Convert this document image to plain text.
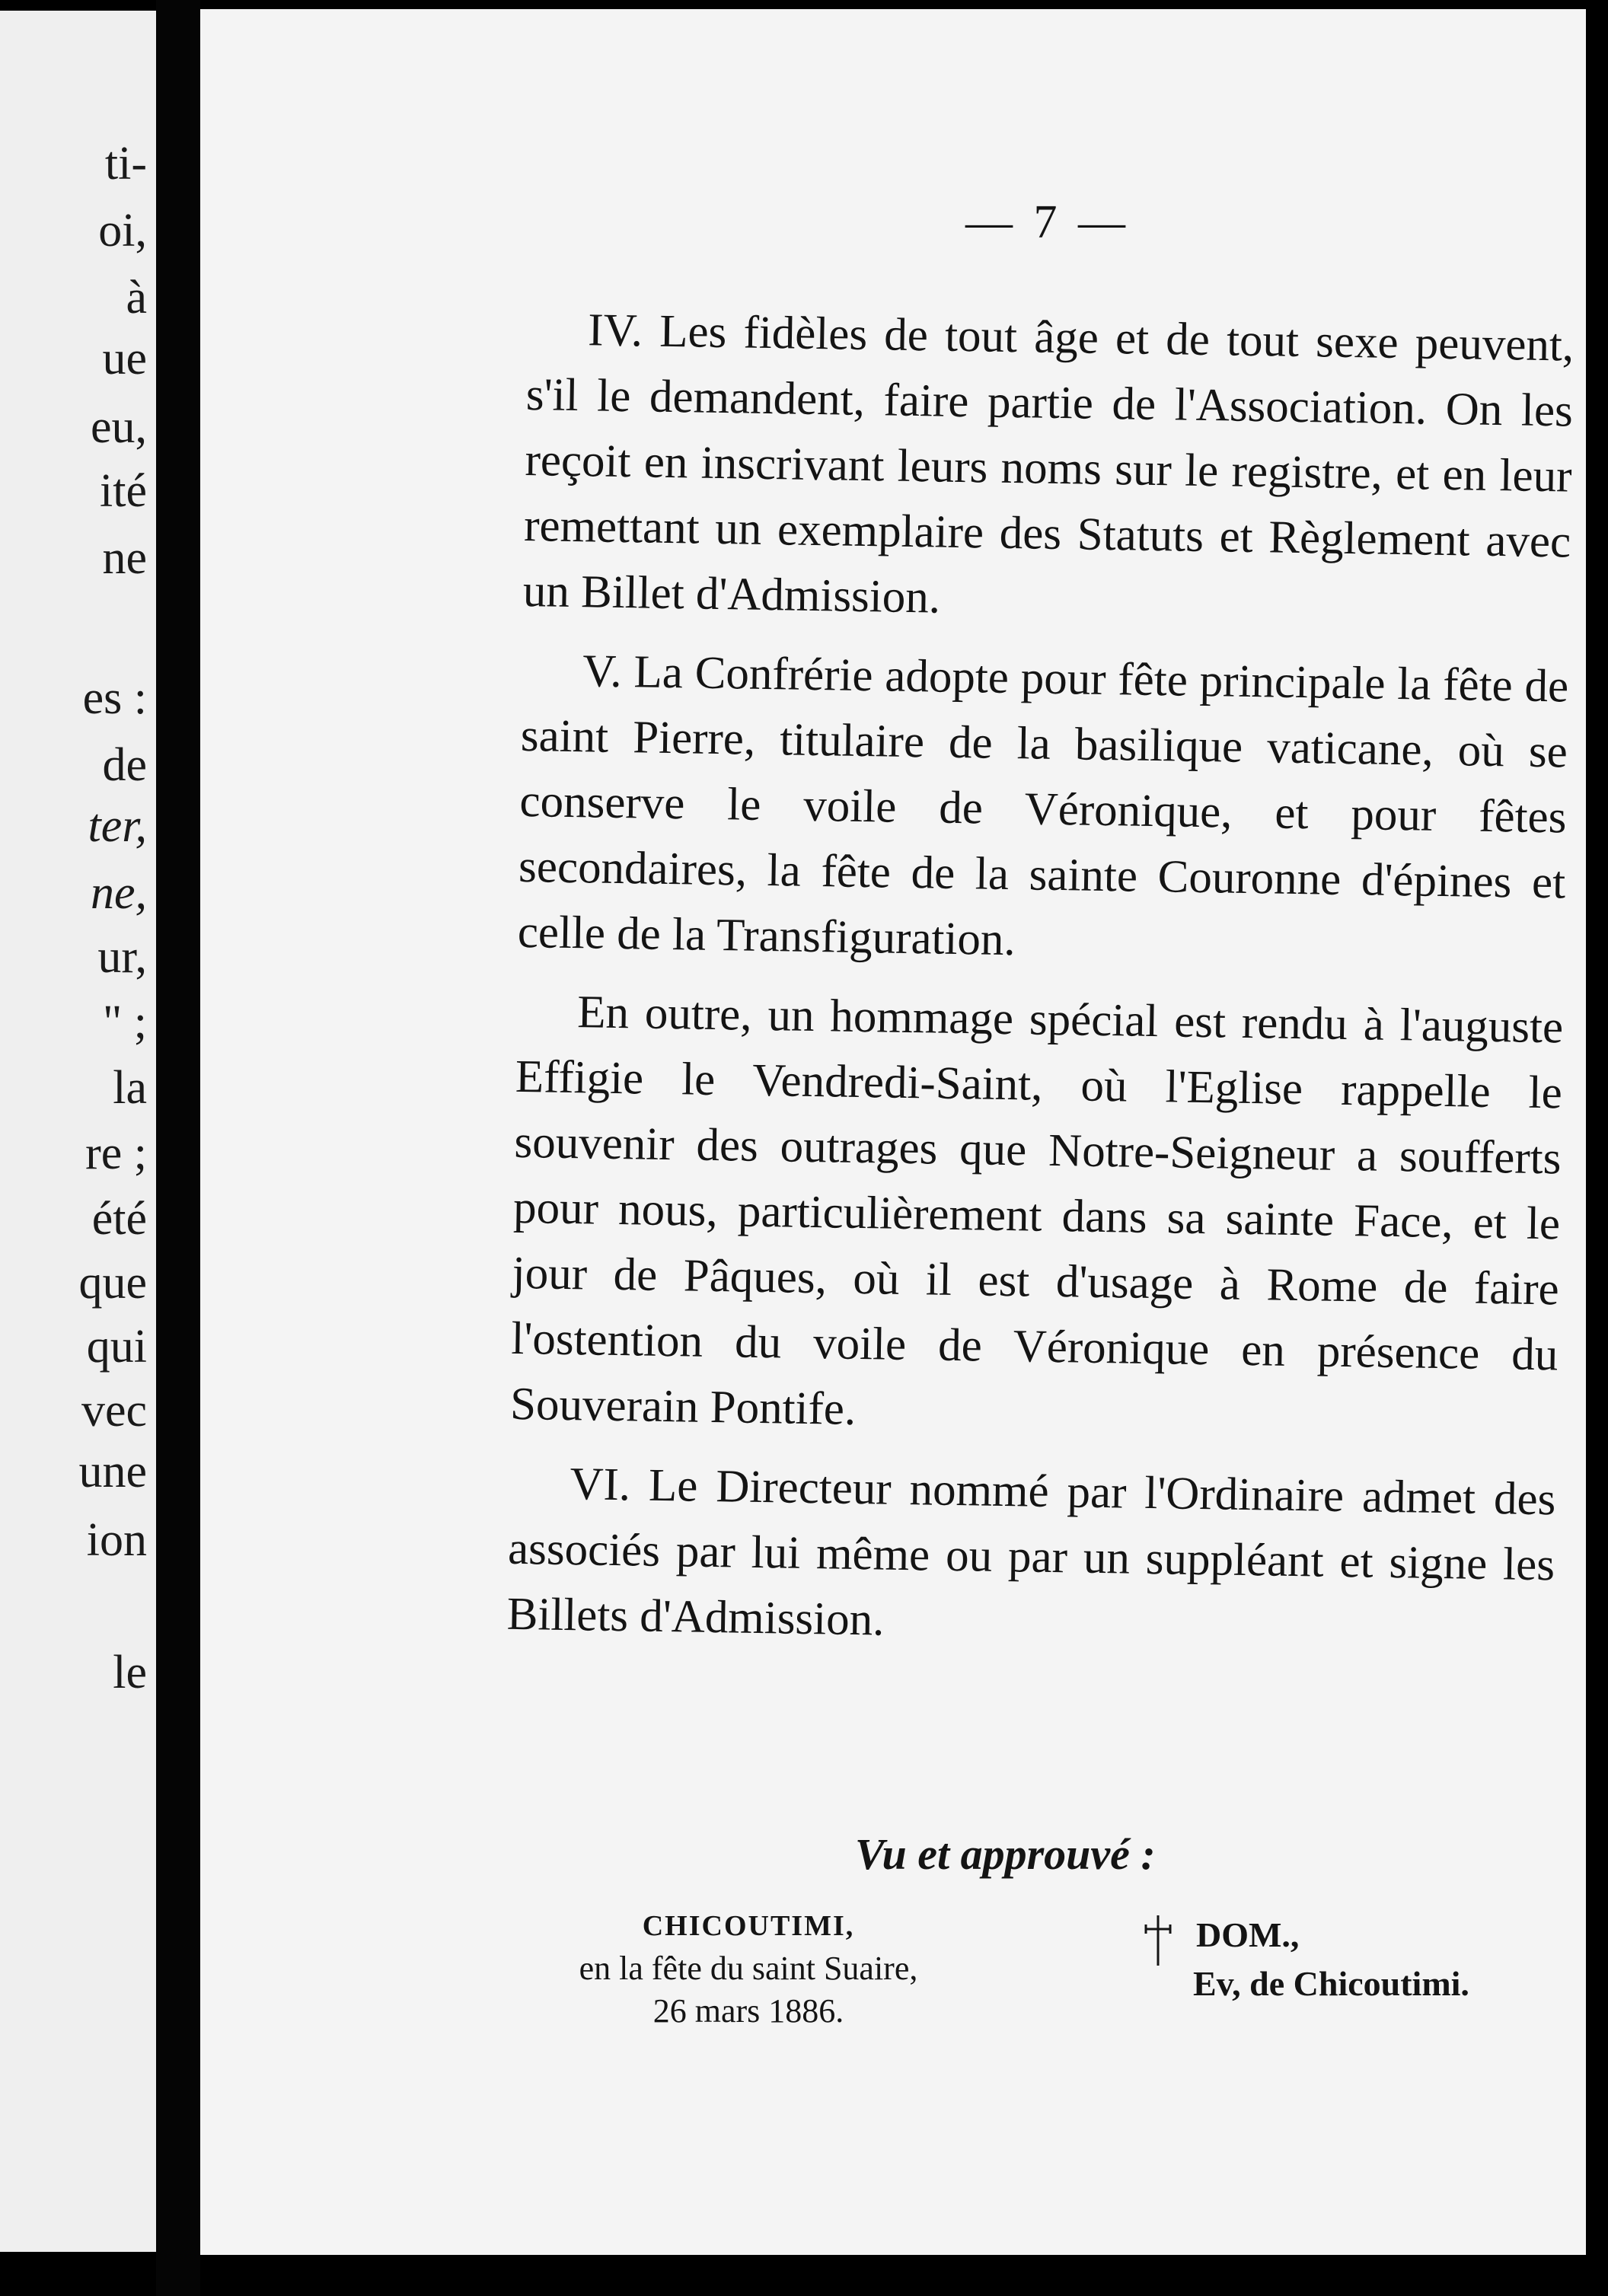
ti-
oi,
à
ue
eu,
ité
ne
es :
de
ter,
ne,
ur,
" ;
la
re ;
été
que
qui
vec
une
ion
le
— 7 —

IV. Les fidèles de tout âge et de tout sexe peuvent, s'il le demandent, faire partie de l'Association. On les reçoit en inscrivant leurs noms sur le registre, et en leur remettant un exemplaire des Statuts et Règlement avec un Billet d'Admission.

V. La Confrérie adopte pour fête principale la fête de saint Pierre, titulaire de la basilique vaticane, où se conserve le voile de Véronique, et pour fêtes secondaires, la fête de la sainte Couronne d'épines et celle de la Transfiguration.

En outre, un hommage spécial est rendu à l'auguste Effigie le Vendredi-Saint, où l'Eglise rappelle le souvenir des outrages que Notre-Seigneur a soufferts pour nous, particulièrement dans sa sainte Face, et le jour de Pâques, où il est d'usage à Rome de faire l'ostention du voile de Véronique en présence du Souverain Pontife.

VI. Le Directeur nommé par l'Ordinaire admet des associés par lui même ou par un suppléant et signe les Billets d'Admission.

Vu et approuvé :
CHICOUTIMI,
en la fête du saint Suaire,
26 mars 1886.
DOM.,
Ev, de Chicoutimi.
